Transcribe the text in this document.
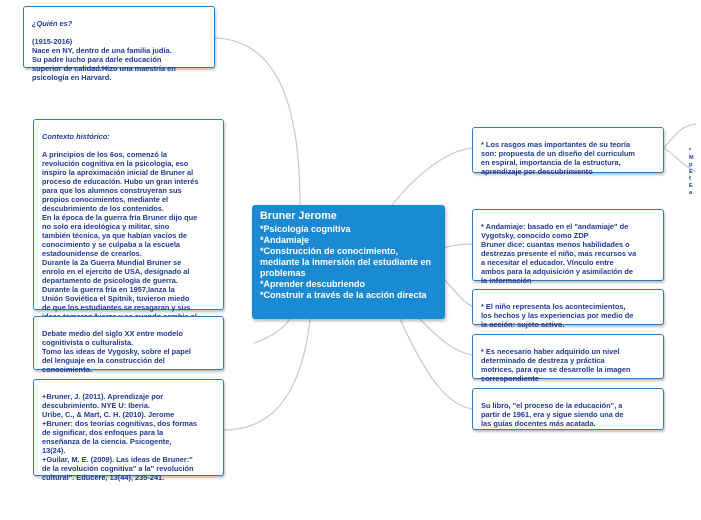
¿Quién es?

(1915-2016)
Nace en NY, dentro de una familia judía.
Su padre lucho para darle educación
superior de calidad.Hizo una maestría en
psicología en Harvard.

Contexto histórico:

A principios de los 6os, comenzó la
revolución cognitiva en la psicología, eso
inspiro la aproximación inicial de Bruner al
proceso de educación. Hubo un gran interés
para que los alumnos construyeran sus
propios conocimientos, mediante el
descubrimiento de los contenidos.
En la época de la guerra fría Bruner dijo que
no solo era ideológica y militar, sino
también técnica, ya que habían vacíos de
conocimiento y se culpaba a la escuela
estadounidense de crearlos.
Durante la 2a Guerra Mundial Bruner se
enrolo en el ejercito de USA, designado al
departamento de psicología de guerra.
Durante la guerra fría en 1957,lanza la
Unión Soviética el Spitnik, tuvieron miedo
de que los estudiantes se resagaran y sus

Debate medio del siglo XX entre modelo
cognitivista o culturalista.
Tomo las ideas de Vygosky, sobre el papel
del lenguaje en la construcción del
conocimiento.

+Bruner, J. (2011). Aprendizaje por
descubrimiento. NYE U: Iberia.
Uribe, C., & Mart, C. H. (2010). Jerome
+Bruner: dos teorías cognitivas, dos formas
de significar, dos enfoques para la
enseñanza de la ciencia. Psicogente,
13(24).
+Guilar, M. E. (2009). Las ideas de Bruner:"
de la revolución cognitiva" a la" revolución
cultural". Educere, 13(44), 235-241.

Bruner Jerome
*Psicología cognitiva
*Andamiaje
*Construcción de conocimiento, mediante la inmersión del estudiante en problemas
*Aprender descubriendo
*Construir a través de la acción directa

* Los rasgos mas importantes de su teoría
son: propuesta de un diseño del curriculum
en espiral, importancia de la estructura,
aprendizaje por descubrimiento

* Andamiaje: basado en el "andamiaje" de
Vygotsky, conocido como ZDP
Bruner dice: cuantas menos habilidades o
destrezas presente el niño, mas recursos va
a necesitar el educador. Vínculo entre
ambos para la adquisición y asimilación de
la información

* El niño representa los acontecimientos,
los hechos y las experiencias por medio de
la acción: sujeto activo.

* Es necesario haber adquirido un nivel
determinado de destreza y práctica
motrices, para que se desarrolle la imagen
correspondiente

Su libro, "el proceso de la educación", a
partir de 1961, era y sigue siendo una de
las guías docentes más acatada.

*
M
p
E
f
E
a
